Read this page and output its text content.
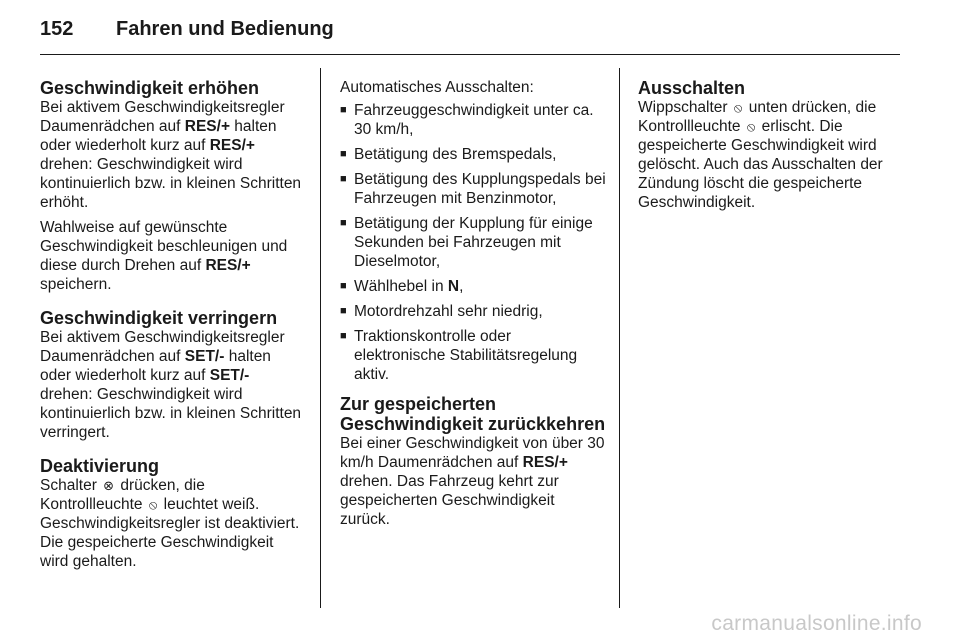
152	Fahren und Bedienung
Geschwindigkeit erhöhen

Bei aktivem Geschwindigkeitsregler Daumenrädchen auf RES/+ halten oder wiederholt kurz auf RES/+ drehen: Geschwindigkeit wird kontinuierlich bzw. in kleinen Schritten erhöht.

Wahlweise auf gewünschte Geschwindigkeit beschleunigen und diese durch Drehen auf RES/+ speichern.

Geschwindigkeit verringern

Bei aktivem Geschwindigkeitsregler Daumenrädchen auf SET/- halten oder wiederholt kurz auf SET/- drehen: Geschwindigkeit wird kontinuierlich bzw. in kleinen Schritten verringert.

Deaktivierung

Schalter ⊗ drücken, die Kontrollleuchte ⦸ leuchtet weiß. Geschwindigkeitsregler ist deaktiviert. Die gespeicherte Geschwindigkeit wird gehalten.

Automatisches Ausschalten:

■ Fahrzeuggeschwindigkeit unter ca. 30 km/h,
■ Betätigung des Bremspedals,
■ Betätigung des Kupplungspedals bei Fahrzeugen mit Benzinmotor,
■ Betätigung der Kupplung für einige Sekunden bei Fahrzeugen mit Dieselmotor,
■ Wählhebel in N,
■ Motordrehzahl sehr niedrig,
■ Traktionskontrolle oder elektronische Stabilitätsregelung aktiv.
Zur gespeicherten Geschwindigkeit zurückkehren

Bei einer Geschwindigkeit von über 30 km/h Daumenrädchen auf RES/+ drehen. Das Fahrzeug kehrt zur gespeicherten Geschwindigkeit zurück.

Ausschalten

Wippschalter ⦸ unten drücken, die Kontrollleuchte ⦸ erlischt. Die gespeicherte Geschwindigkeit wird gelöscht. Auch das Ausschalten der Zündung löscht die gespeicherte Geschwindigkeit.

carmanualsonline.info
